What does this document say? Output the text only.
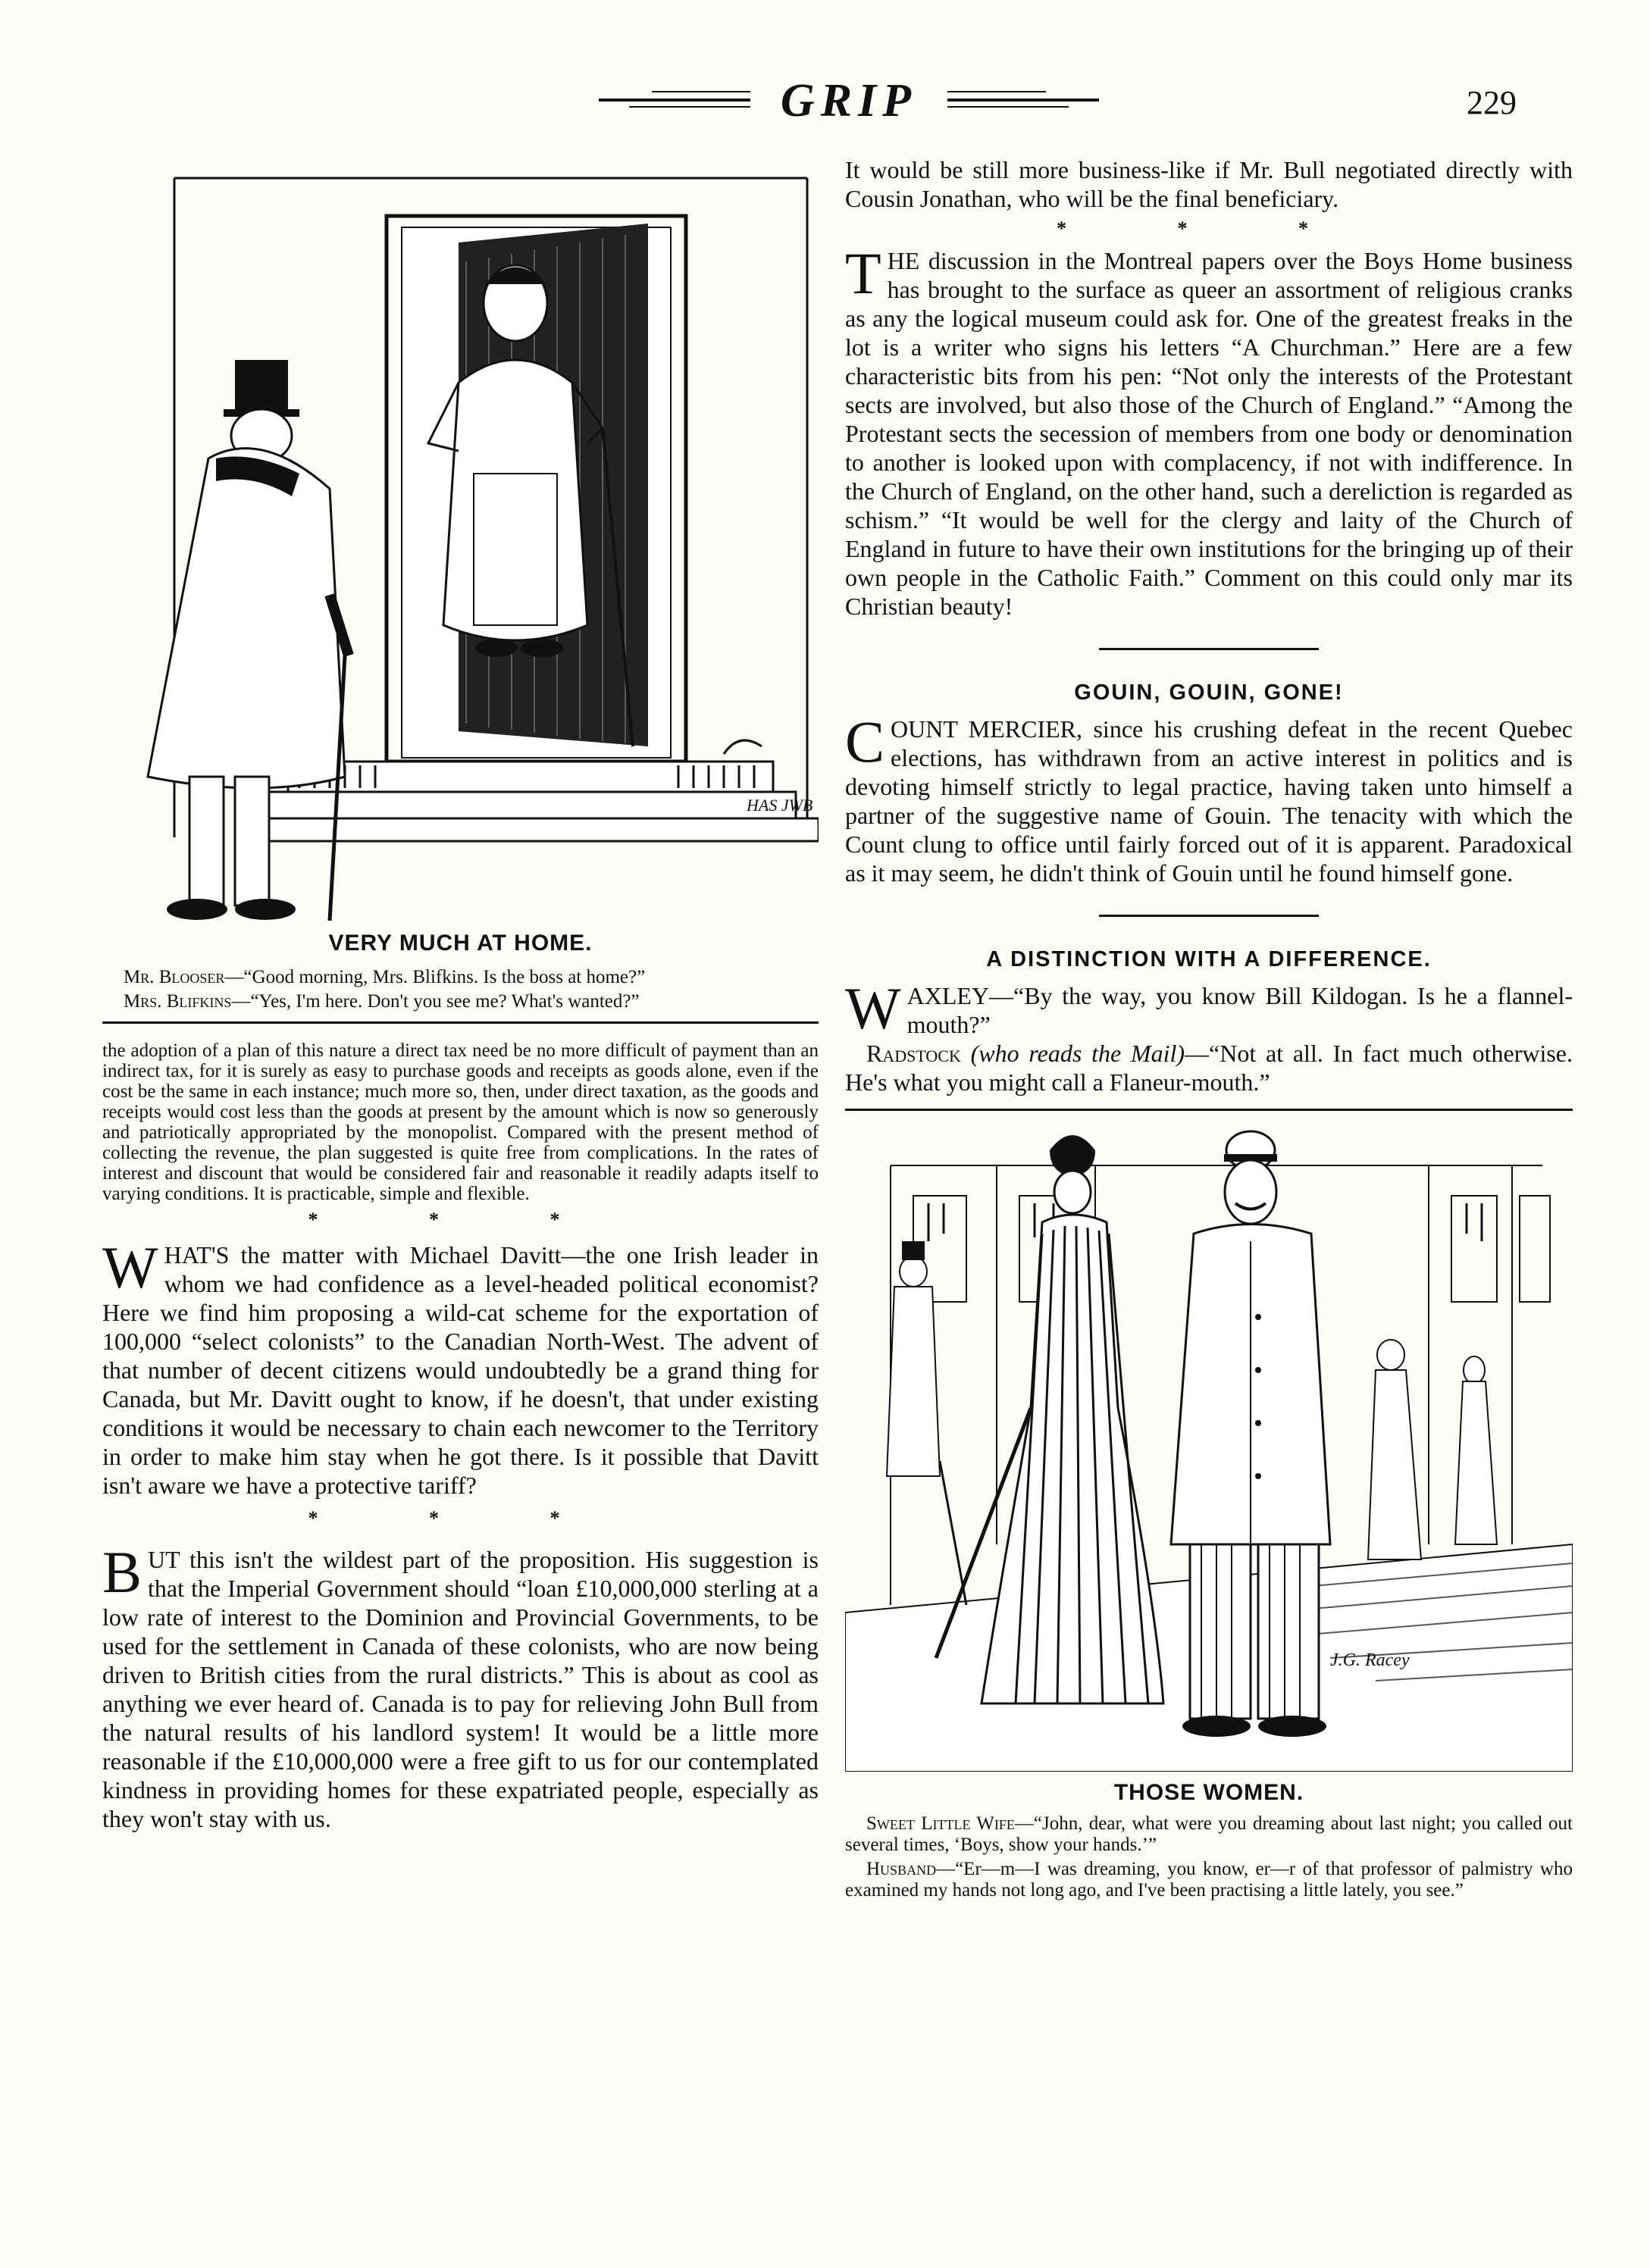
GRIP	229
HAS JWB

VERY MUCH AT HOME.

Mr. Blooser—“Good morning, Mrs. Blifkins. Is the boss at home?”

Mrs. Blifkins—“Yes, I'm here. Don't you see me? What's wanted?”

the adoption of a plan of this nature a direct tax need be no more difficult of payment than an indirect tax, for it is surely as easy to purchase goods and receipts as goods alone, even if the cost be the same in each instance; much more so, then, under direct taxation, as the goods and receipts would cost less than the goods at present by the amount which is now so generously and patriotically appropriated by the monopolist. Compared with the present method of collecting the revenue, the plan suggested is quite free from complications. In the rates of interest and discount that would be considered fair and reasonable it readily adapts itself to varying conditions. It is practicable, simple and flexible.

* * *

WHAT'S the matter with Michael Davitt—the one Irish leader in whom we had confidence as a level-headed political economist? Here we find him proposing a wild-cat scheme for the exportation of 100,000 “select colonists” to the Canadian North-West. The advent of that number of decent citizens would undoubtedly be a grand thing for Canada, but Mr. Davitt ought to know, if he doesn't, that under existing conditions it would be necessary to chain each newcomer to the Territory in order to make him stay when he got there. Is it possible that Davitt isn't aware we have a protective tariff?

* * *

BUT this isn't the wildest part of the proposition. His suggestion is that the Imperial Government should “loan £10,000,000 sterling at a low rate of interest to the Dominion and Provincial Governments, to be used for the settlement in Canada of these colonists, who are now being driven to British cities from the rural districts.” This is about as cool as anything we ever heard of. Canada is to pay for relieving John Bull from the natural results of his landlord system! It would be a little more reasonable if the £10,000,000 were a free gift to us for our contemplated kindness in providing homes for these expatriated people, especially as they won't stay with us.

It would be still more business-like if Mr. Bull negotiated directly with Cousin Jonathan, who will be the final beneficiary.

* * *

THE discussion in the Montreal papers over the Boys Home business has brought to the surface as queer an assortment of religious cranks as any the logical museum could ask for. One of the greatest freaks in the lot is a writer who signs his letters “A Churchman.” Here are a few characteristic bits from his pen: “Not only the interests of the Protestant sects are involved, but also those of the Church of England.” “Among the Protestant sects the secession of members from one body or denomination to another is looked upon with complacency, if not with indifference. In the Church of England, on the other hand, such a dereliction is regarded as schism.” “It would be well for the clergy and laity of the Church of England in future to have their own institutions for the bringing up of their own people in the Catholic Faith.” Comment on this could only mar its Christian beauty!

GOUIN, GOUIN, GONE!

COUNT MERCIER, since his crushing defeat in the recent Quebec elections, has withdrawn from an active interest in politics and is devoting himself strictly to legal practice, having taken unto himself a partner of the suggestive name of Gouin. The tenacity with which the Count clung to office until fairly forced out of it is apparent. Paradoxical as it may seem, he didn't think of Gouin until he found himself gone.

A DISTINCTION WITH A DIFFERENCE.

WAXLEY—“By the way, you know Bill Kildogan. Is he a flannel-mouth?”

Radstock (who reads the Mail)—“Not at all. In fact much otherwise. He's what you might call a Flaneur-mouth.”

J.G. Racey

THOSE WOMEN.

Sweet Little Wife—“John, dear, what were you dreaming about last night; you called out several times, ‘Boys, show your hands.’”

Husband—“Er—m—I was dreaming, you know, er—r of that professor of palmistry who examined my hands not long ago, and I've been practising a little lately, you see.”
